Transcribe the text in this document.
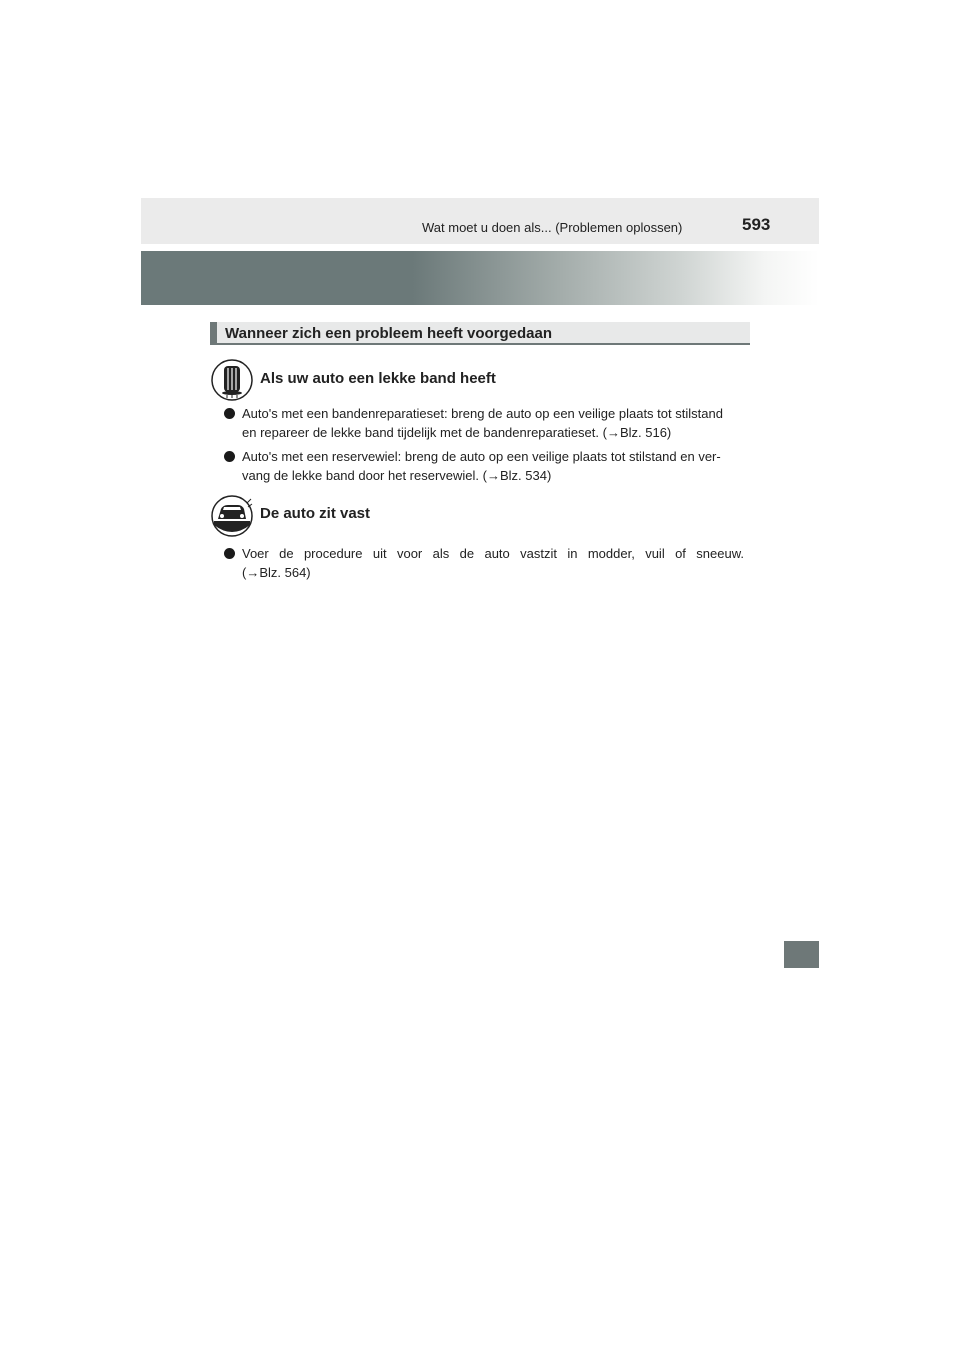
Wat moet u doen als... (Problemen oplossen)	593
Wanneer zich een probleem heeft voorgedaan
Als uw auto een lekke band heeft
Auto's met een bandenreparatieset: breng de auto op een veilige plaats tot stilstand
en repareer de lekke band tijdelijk met de bandenreparatieset. (→Blz. 516)
Auto's met een reservewiel: breng de auto op een veilige plaats tot stilstand en ver-
vang de lekke band door het reservewiel. (→Blz. 534)
De auto zit vast
Voer de procedure uit voor als de auto vastzit in modder, vuil of sneeuw.
(→Blz. 564)
